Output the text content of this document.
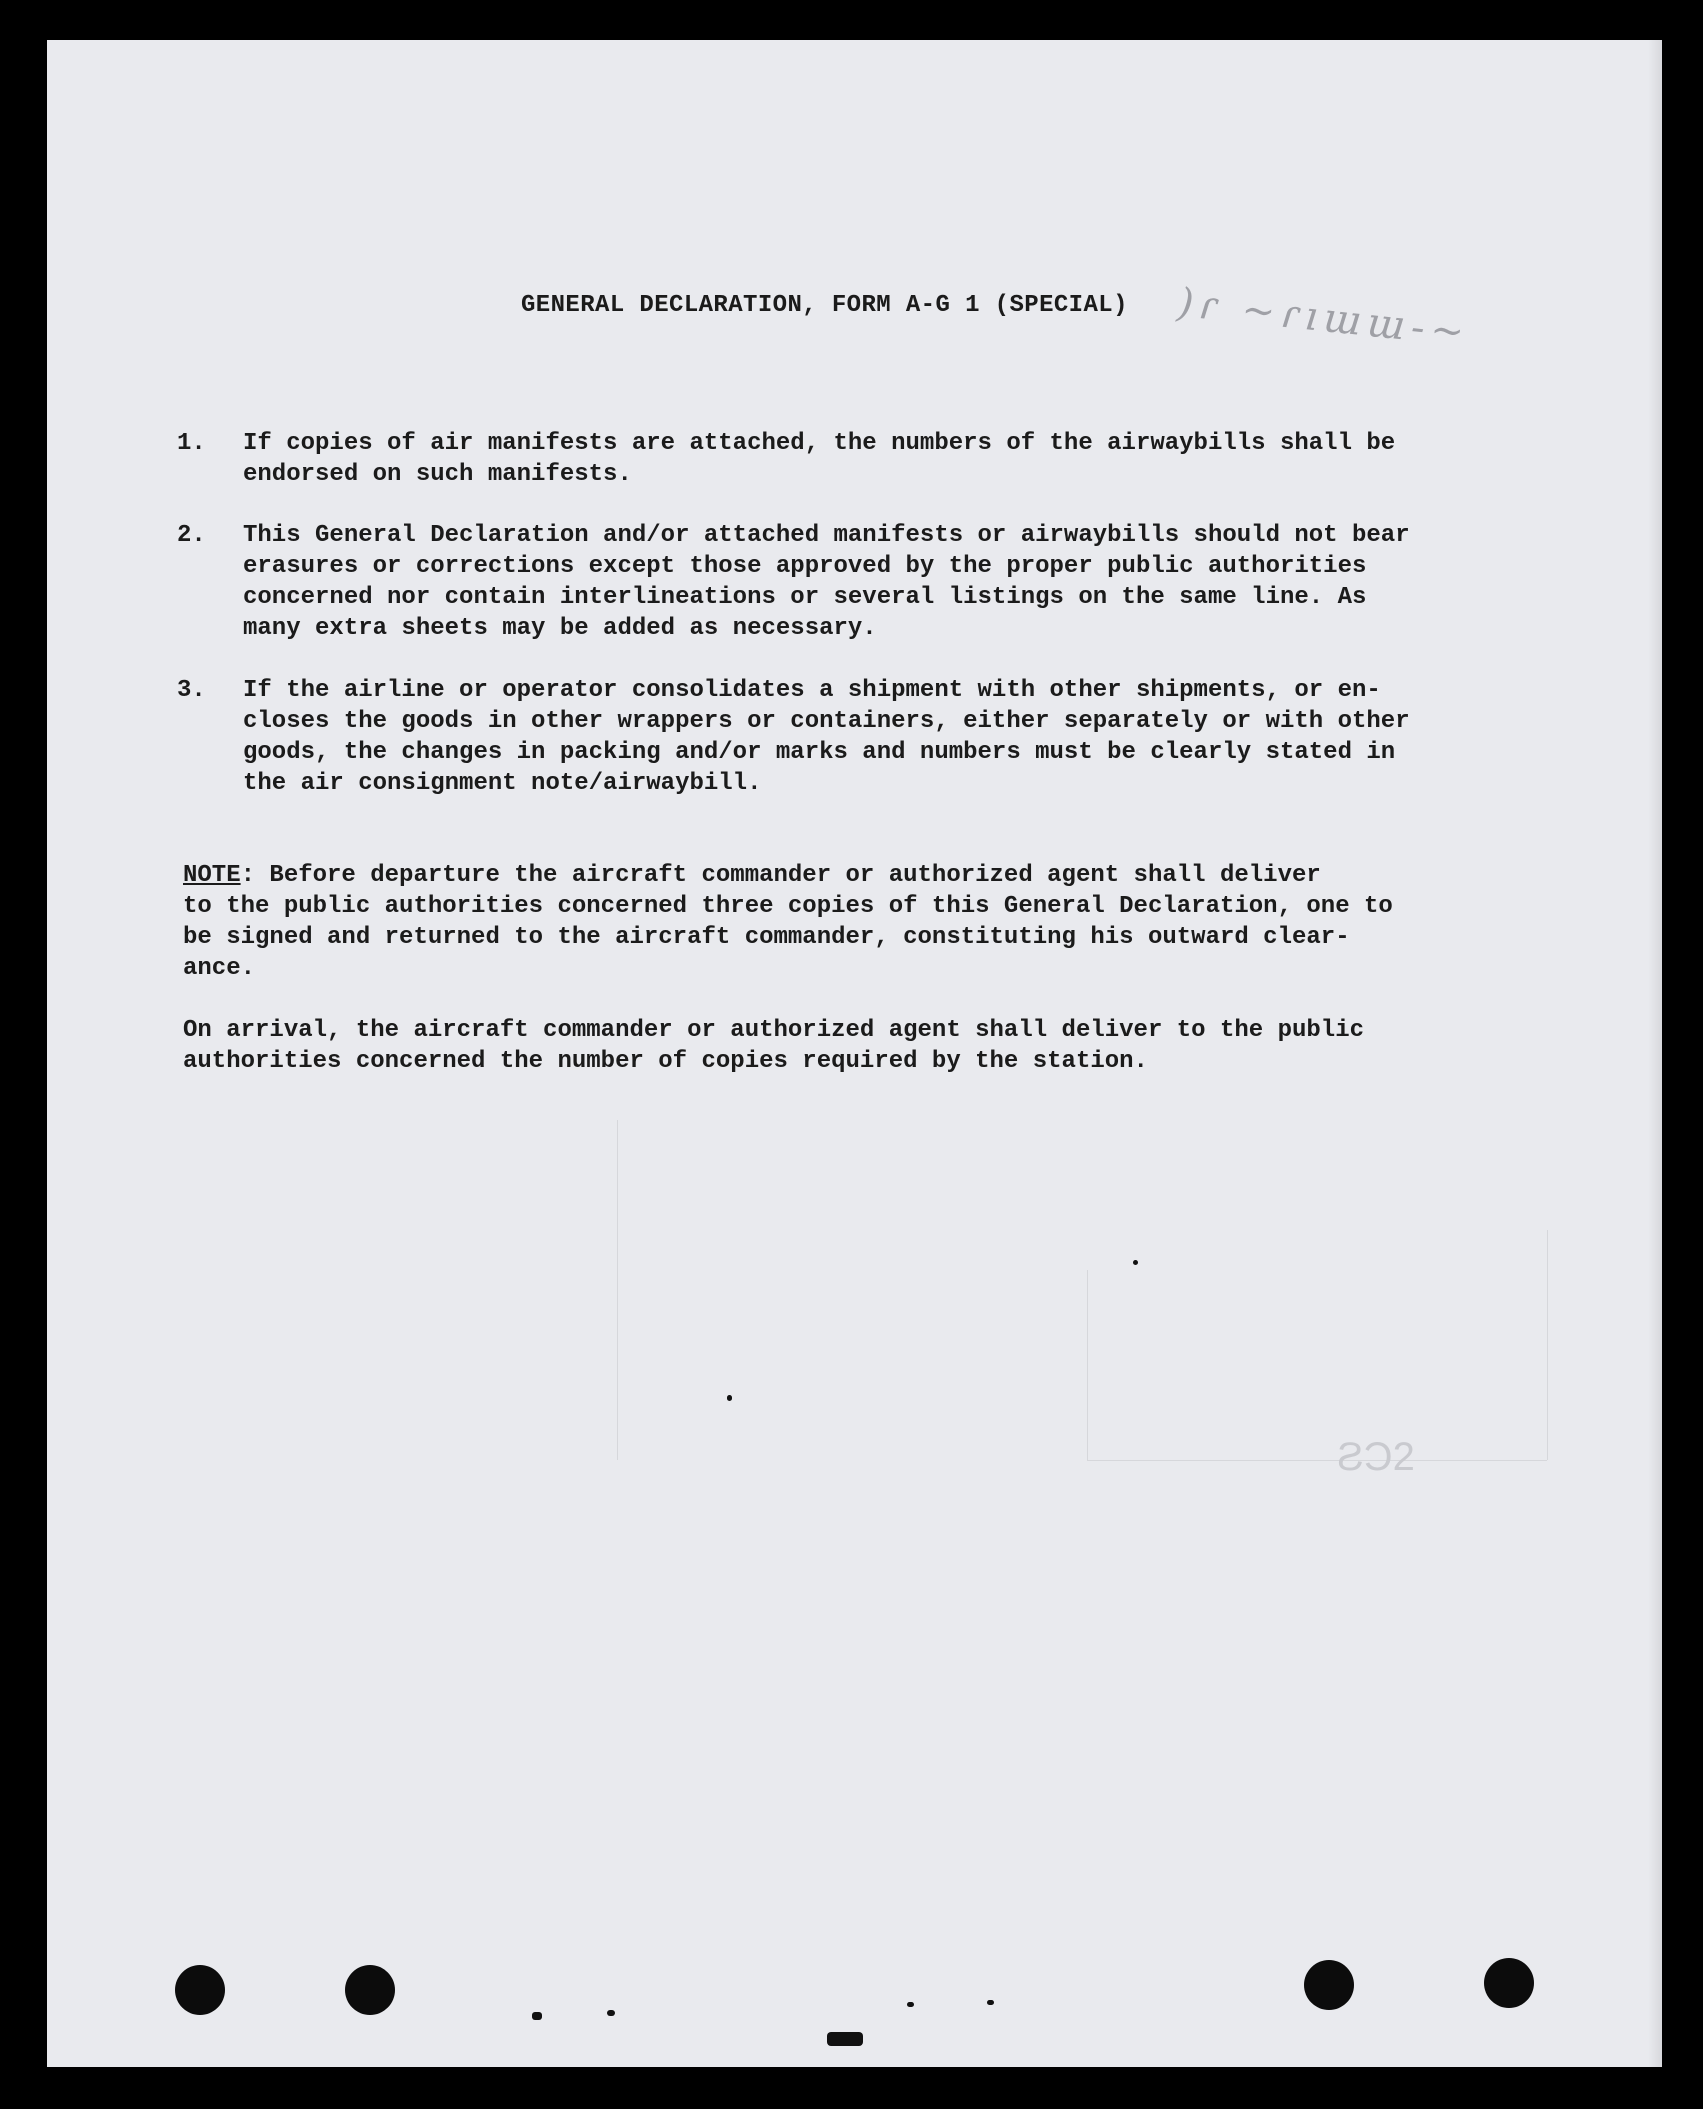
ƧƆ2
GENERAL DECLARATION, FORM A-G 1 (SPECIAL) )ɾ ~ɾıɯɯ-~
1. If copies of air manifests are attached, the numbers of the airwaybills shall be
endorsed on such manifests.
2. This General Declaration and/or attached manifests or airwaybills should not bear
erasures or corrections except those approved by the proper public authorities
concerned nor contain interlineations or several listings on the same line. As
many extra sheets may be added as necessary.
3. If the airline or operator consolidates a shipment with other shipments, or en-
closes the goods in other wrappers or containers, either separately or with other
goods, the changes in packing and/or marks and numbers must be clearly stated in
the air consignment note/airwaybill.
NOTE: Before departure the aircraft commander or authorized agent shall deliver
to the public authorities concerned three copies of this General Declaration, one to
be signed and returned to the aircraft commander, constituting his outward clear-
ance.
On arrival, the aircraft commander or authorized agent shall deliver to the public
authorities concerned the number of copies required by the station.
